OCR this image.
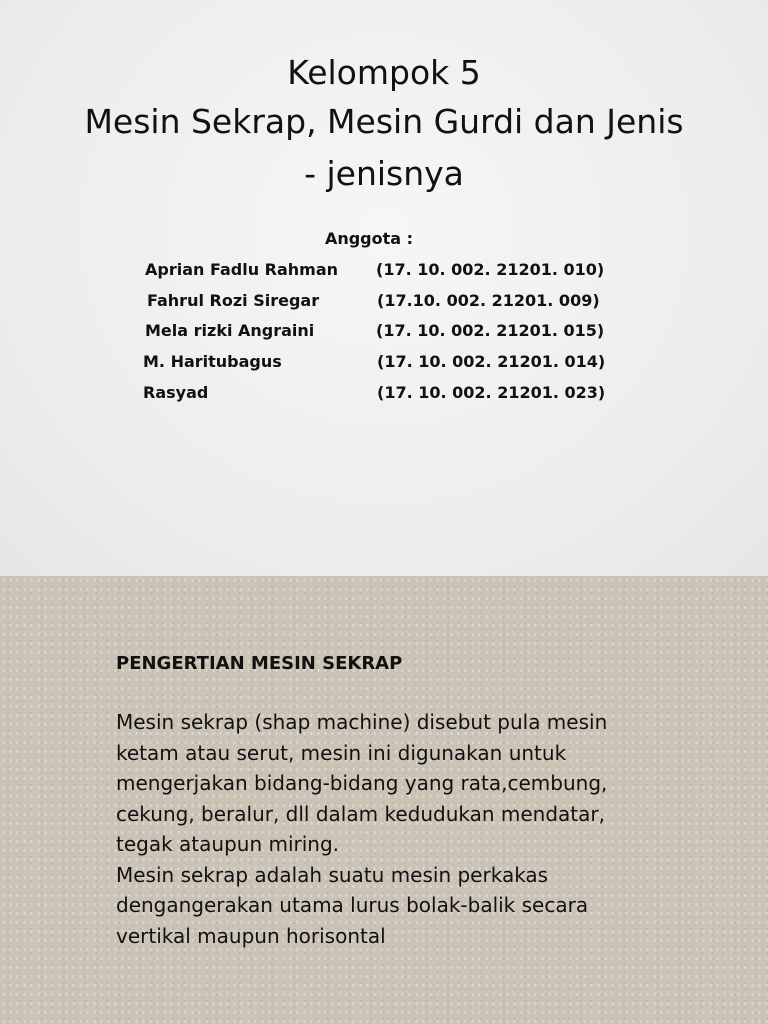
Kelompok 5
Mesin Sekrap, Mesin Gurdi dan Jenis
- jenisnya
Anggota :
Aprian Fadlu Rahman (17. 10. 002. 21201. 010)
Fahrul Rozi Siregar	(17.10. 002. 21201. 009)
Mela rizki Angraini	(17. 10. 002. 21201. 015)
M. Haritubagus	(17. 10. 002. 21201. 014)
Rasyad	(17. 10. 002. 21201. 023)
PENGERTIAN MESIN SEKRAP
Mesin sekrap (shap machine) disebut pula mesin
ketam atau serut, mesin ini digunakan untuk
mengerjakan bidang-bidang yang rata,cembung,
cekung, beralur, dll dalam kedudukan mendatar,
tegak ataupun miring.
Mesin sekrap adalah suatu mesin perkakas
dengangerakan utama lurus bolak-balik secara
vertikal maupun horisontal
